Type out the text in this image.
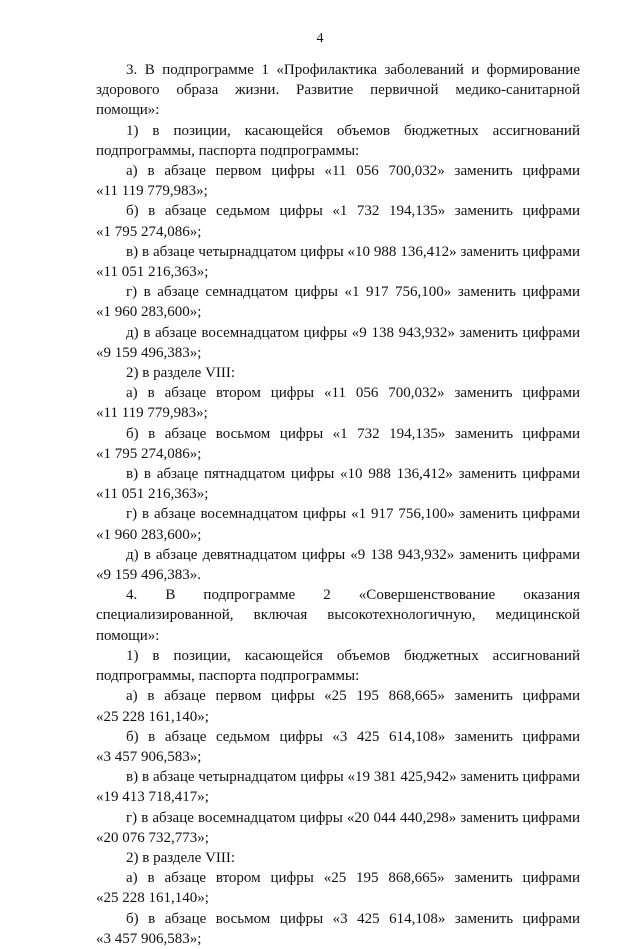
4
3. В подпрограмме 1 «Профилактика заболеваний и формирование
здорового образа жизни. Развитие первичной медико-санитарной
помощи»:
1) в позиции, касающейся объемов бюджетных ассигнований
подпрограммы, паспорта подпрограммы:
а) в абзаце первом цифры «11 056 700,032» заменить цифрами
«11 119 779,983»;
б) в абзаце седьмом цифры «1 732 194,135» заменить цифрами
«1 795 274,086»;
в) в абзаце четырнадцатом цифры «10 988 136,412» заменить цифрами
«11 051 216,363»;
г) в абзаце семнадцатом цифры «1 917 756,100» заменить цифрами
«1 960 283,600»;
д) в абзаце восемнадцатом цифры «9 138 943,932» заменить цифрами
«9 159 496,383»;
2) в разделе VIII:
а) в абзаце втором цифры «11 056 700,032» заменить цифрами
«11 119 779,983»;
б) в абзаце восьмом цифры «1 732 194,135» заменить цифрами
«1 795 274,086»;
в) в абзаце пятнадцатом цифры «10 988 136,412» заменить цифрами
«11 051 216,363»;
г) в абзаце восемнадцатом цифры «1 917 756,100» заменить цифрами
«1 960 283,600»;
д) в абзаце девятнадцатом цифры «9 138 943,932» заменить цифрами
«9 159 496,383».
4. В подпрограмме 2 «Совершенствование оказания
специализированной, включая высокотехнологичную, медицинской
помощи»:
1) в позиции, касающейся объемов бюджетных ассигнований
подпрограммы, паспорта подпрограммы:
а) в абзаце первом цифры «25 195 868,665» заменить цифрами
«25 228 161,140»;
б) в абзаце седьмом цифры «3 425 614,108» заменить цифрами
«3 457 906,583»;
в) в абзаце четырнадцатом цифры «19 381 425,942» заменить цифрами
«19 413 718,417»;
г) в абзаце восемнадцатом цифры «20 044 440,298» заменить цифрами
«20 076 732,773»;
2) в разделе VIII:
а) в абзаце втором цифры «25 195 868,665» заменить цифрами
«25 228 161,140»;
б) в абзаце восьмом цифры «3 425 614,108» заменить цифрами
«3 457 906,583»;
